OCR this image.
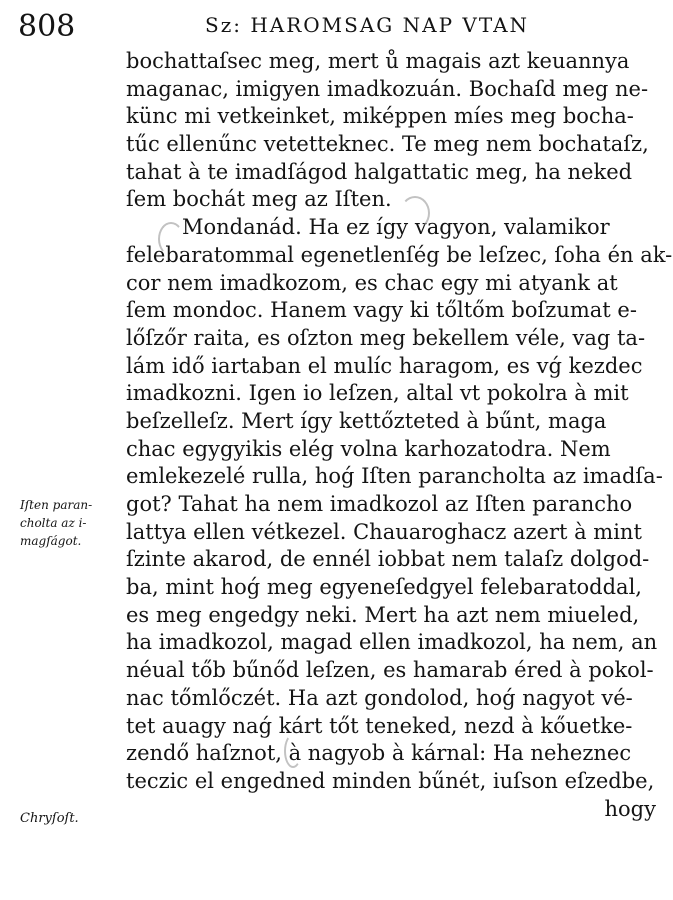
808	Sz: HAROMSAG NAP VTAN
bochattaſsec meg, mert ů magais azt keuannya
maganac, imigyen imadkozuán. Bochaſd meg ne-
künc mi vetkeinket, miképpen míes meg bocha-
tűc ellenűnc vetetteknec. Te meg nem bochataſz,
tahat à te imadſágod halgattatic meg, ha neked
ſem bochát meg az Iſten.
Mondanád. Ha ez így vagyon, valamikor
felebaratommal egenetlenſég be leſzec, ſoha én ak-
cor nem imadkozom, es chac egy mi atyank at
ſem mondoc. Hanem vagy ki tőltőm boſzumat e-
lőſzőr raita, es oſzton meg bekellem véle, vag ta-
lám idő iartaban el mulíc haragom, es vǵ kezdec
imadkozni. Igen io leſzen, altal vt pokolra à mit
beſzelleſz. Mert így kettőzteted à bűnt, maga
chac egygyikis elég volna karhozatodra. Nem
emlekezelé rulla, hoǵ Iſten parancholta az imadſa-
got? Tahat ha nem imadkozol az Iſten parancho
lattya ellen vétkezel. Chauaroghacz azert à mint
ſzinte akarod, de ennél iobbat nem talaſz dolgod-
ba, mint hoǵ meg egyeneſedgyel felebaratoddal,
es meg engedgy neki. Mert ha azt nem miueled,
ha imadkozol, magad ellen imadkozol, ha nem, an
néual tőb bűnőd leſzen, es hamarab éred à pokol-
nac tőmlőczét. Ha azt gondolod, hoǵ nagyot vé-
tet auagy naǵ kárt tőt teneked, nezd à kőuetke-
zendő haſznot, à nagyob à kárnal: Ha neheznec
teczic el engedned minden bűnét, iuſson eſzedbe,
hogy
Iſten paran-
cholta az i-
magſágot.
Chryſoſt.
